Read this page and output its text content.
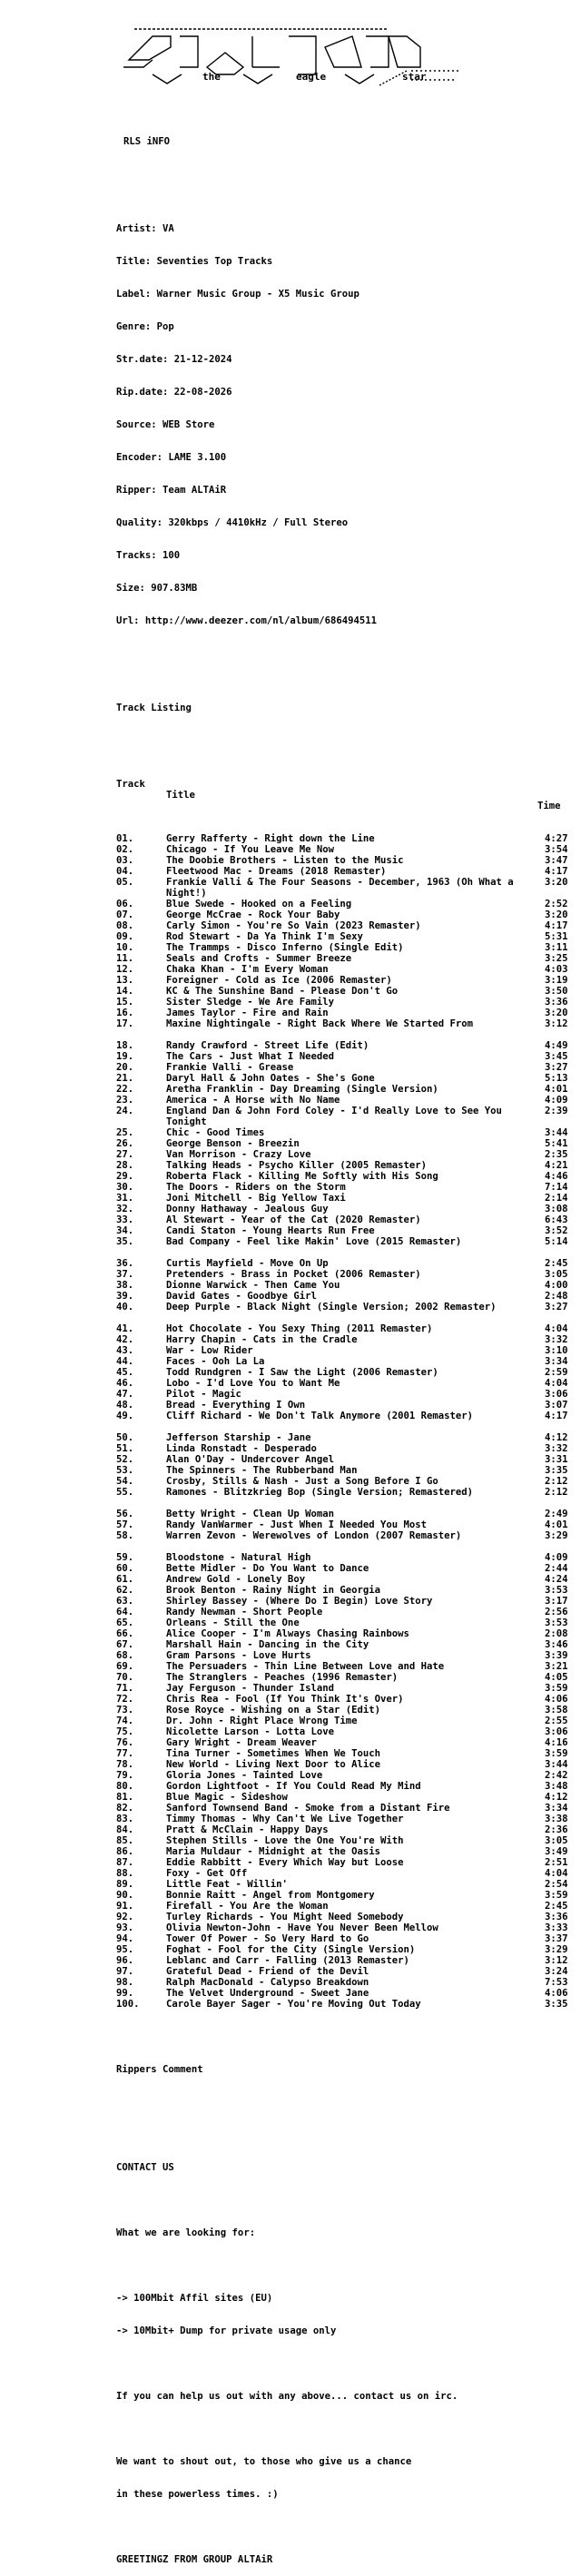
the	eagle	star

RLS iNFO

Artist: VA

Title: Seventies Top Tracks

Label: Warner Music Group - X5 Music Group

Genre: Pop

Str.date: 21-12-2024

Rip.date: 22-08-2026

Source: WEB Store

Encoder: LAME 3.100

Ripper: Team ALTAiR

Quality: 320kbps / 4410kHz / Full Stereo

Tracks: 100

Size: 907.83MB

Url: http://www.deezer.com/nl/album/686494511

Track Listing

Track

Title

Time

01.	Gerry Rafferty - Right down the Line	4:27
02.	Chicago - If You Leave Me Now	3:54
03.	The Doobie Brothers - Listen to the Music	3:47
04.	Fleetwood Mac - Dreams (2018 Remaster)	4:17
05.	Frankie Valli & The Four Seasons - December, 1963 (Oh What a Night!)
3:20
06.	Blue Swede - Hooked on a Feeling	2:52
07.	George McCrae - Rock Your Baby	3:20
08.	Carly Simon - You're So Vain (2023 Remaster)	4:17
09.	Rod Stewart - Da Ya Think I'm Sexy	5:31
10.	The Trammps - Disco Inferno (Single Edit)	3:11
11.	Seals and Crofts - Summer Breeze	3:25
12.	Chaka Khan - I'm Every Woman	4:03
13.	Foreigner - Cold as Ice (2006 Remaster)	3:19
14.	KC & The Sunshine Band - Please Don't Go	3:50
15.	Sister Sledge - We Are Family	3:36
16.	James Taylor - Fire and Rain	3:20
17.	Maxine Nightingale - Right Back Where We Started From	3:12
18.	Randy Crawford - Street Life (Edit)	4:49
19.	The Cars - Just What I Needed	3:45
20.	Frankie Valli - Grease	3:27
21.	Daryl Hall & John Oates - She's Gone	5:13
22.	Aretha Franklin - Day Dreaming (Single Version)	4:01
23.	America - A Horse with No Name	4:09
24.	England Dan & John Ford Coley - I'd Really Love to See You Tonight
2:39
25.	Chic - Good Times	3:44
26.	George Benson - Breezin	5:41
27.	Van Morrison - Crazy Love	2:35
28.	Talking Heads - Psycho Killer (2005 Remaster)	4:21
29.	Roberta Flack - Killing Me Softly with His Song	4:46
30.	The Doors - Riders on the Storm	7:14
31.	Joni Mitchell - Big Yellow Taxi	2:14
32.	Donny Hathaway - Jealous Guy	3:08
33.	Al Stewart - Year of the Cat (2020 Remaster)	6:43
34.	Candi Staton - Young Hearts Run Free	3:52
35.	Bad Company - Feel like Makin' Love (2015 Remaster)	5:14
36.	Curtis Mayfield - Move On Up	2:45
37.	Pretenders - Brass in Pocket (2006 Remaster)	3:05
38.	Dionne Warwick - Then Came You	4:00
39.	David Gates - Goodbye Girl	2:48
40.	Deep Purple - Black Night (Single Version; 2002 Remaster)	3:27
41.	Hot Chocolate - You Sexy Thing (2011 Remaster)	4:04
42.	Harry Chapin - Cats in the Cradle	3:32
43.	War - Low Rider	3:10
44.	Faces - Ooh La La	3:34
45.	Todd Rundgren - I Saw the Light (2006 Remaster)	2:59
46.	Lobo - I'd Love You to Want Me	4:04
47.	Pilot - Magic	3:06
48.	Bread - Everything I Own	3:07
49.	Cliff Richard - We Don't Talk Anymore (2001 Remaster)	4:17
50.	Jefferson Starship - Jane	4:12
51.	Linda Ronstadt - Desperado	3:32
52.	Alan O'Day - Undercover Angel	3:31
53.	The Spinners - The Rubberband Man	3:35
54.	Crosby, Stills & Nash - Just a Song Before I Go	2:12
55.	Ramones - Blitzkrieg Bop (Single Version; Remastered)	2:12
56.	Betty Wright - Clean Up Woman	2:49
57.	Randy VanWarmer - Just When I Needed You Most	4:01
58.	Warren Zevon - Werewolves of London (2007 Remaster)	3:29
59.	Bloodstone - Natural High	4:09
60.	Bette Midler - Do You Want to Dance	2:44
61.	Andrew Gold - Lonely Boy	4:24
62.	Brook Benton - Rainy Night in Georgia	3:53
63.	Shirley Bassey - (Where Do I Begin) Love Story	3:17
64.	Randy Newman - Short People	2:56
65.	Orleans - Still the One	3:53
66.	Alice Cooper - I'm Always Chasing Rainbows	2:08
67.	Marshall Hain - Dancing in the City	3:46
68.	Gram Parsons - Love Hurts	3:39
69.	The Persuaders - Thin Line Between Love and Hate	3:21
70.	The Stranglers - Peaches (1996 Remaster)	4:05
71.	Jay Ferguson - Thunder Island	3:59
72.	Chris Rea - Fool (If You Think It's Over)	4:06
73.	Rose Royce - Wishing on a Star (Edit)	3:58
74.	Dr. John - Right Place Wrong Time	2:55
75.	Nicolette Larson - Lotta Love	3:06
76.	Gary Wright - Dream Weaver	4:16
77.	Tina Turner - Sometimes When We Touch	3:59
78.	New World - Living Next Door to Alice	3:44
79.	Gloria Jones - Tainted Love	2:42
80.	Gordon Lightfoot - If You Could Read My Mind	3:48
81.	Blue Magic - Sideshow	4:12
82.	Sanford Townsend Band - Smoke from a Distant Fire	3:34
83.	Timmy Thomas - Why Can't We Live Together	3:38
84.	Pratt & McClain - Happy Days	2:36
85.	Stephen Stills - Love the One You're With	3:05
86.	Maria Muldaur - Midnight at the Oasis	3:49
87.	Eddie Rabbitt - Every Which Way but Loose	2:51
88.	Foxy - Get Off	4:04
89.	Little Feat - Willin'	2:54
90.	Bonnie Raitt - Angel from Montgomery	3:59
91.	Firefall - You Are the Woman	2:45
92.	Turley Richards - You Might Need Somebody	3:36
93.	Olivia Newton-John - Have You Never Been Mellow	3:33
94.	Tower Of Power - So Very Hard to Go	3:37
95.	Foghat - Fool for the City (Single Version)	3:29
96.	Leblanc and Carr - Falling (2013 Remaster)	3:12
97.	Grateful Dead - Friend of the Devil	3:24
98.	Ralph MacDonald - Calypso Breakdown	7:53
99.	The Velvet Underground - Sweet Jane	4:06
100.	Carole Bayer Sager - You're Moving Out Today	3:35

Rippers Comment

CONTACT US

What we are looking for:

-> 100Mbit Affil sites (EU)

-> 10Mbit+ Dump for private usage only

If you can help us out with any above... contact us on irc.

We want to shout out, to those who give us a chance

in these powerless times. :)

GREETINGZ FROM GROUP ALTAiR
